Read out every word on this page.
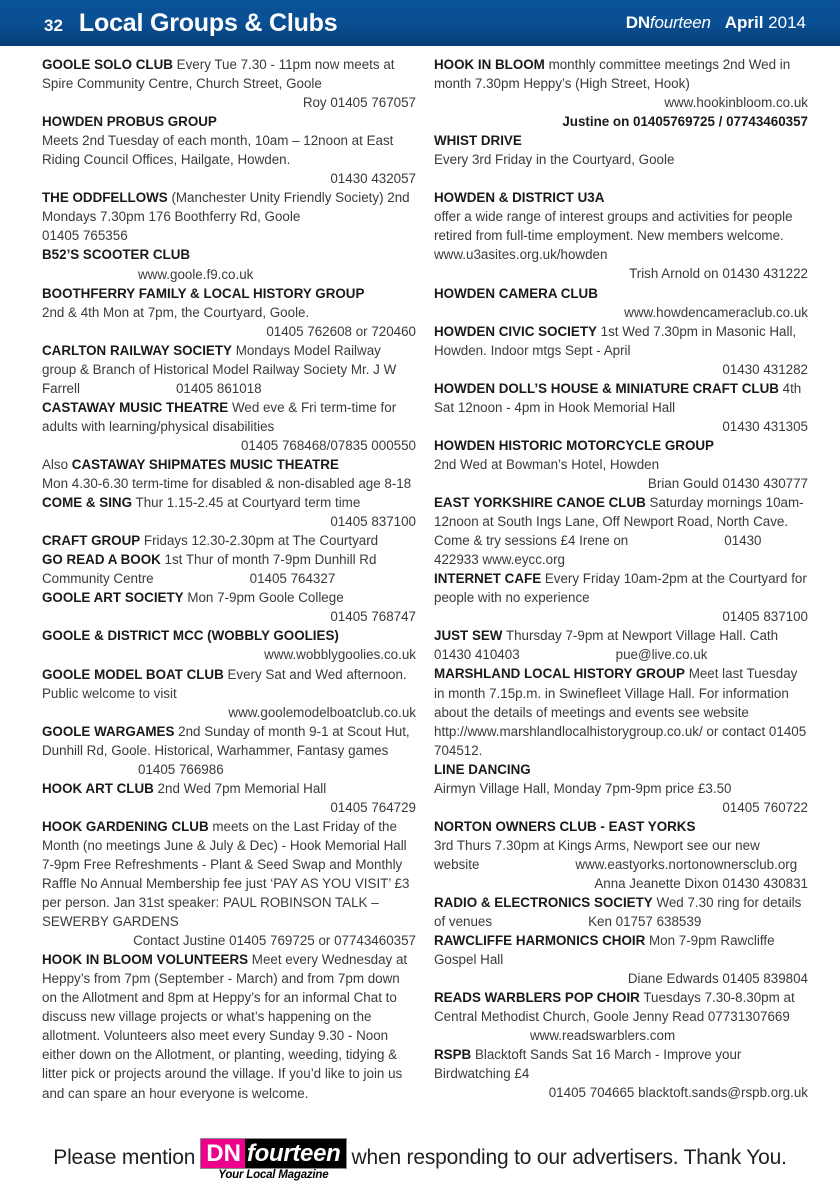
32 Local Groups & Clubs	DNfourteen April 2014

GOOLE SOLO CLUB Every Tue 7.30 - 11pm now meets at Spire Community Centre, Church Street, Goole
Roy 01405 767057

HOWDEN PROBUS GROUP
Meets 2nd Tuesday of each month, 10am – 12noon at East Riding Council Offices, Hailgate, Howden.
01430 432057

THE ODDFELLOWS (Manchester Unity Friendly Society) 2nd Mondays 7.30pm 176 Boothferry Rd, Goole01405 765356

B52’S SCOOTER CLUB
www.goole.f9.co.uk

BOOTHFERRY FAMILY & LOCAL HISTORY GROUP
2nd & 4th Mon at 7pm, the Courtyard, Goole.
01405 762608 or 720460

CARLTON RAILWAY SOCIETY Mondays Model Railway group & Branch of Historical Model Railway Society Mr. J W Farrell	01405 861018

CASTAWAY MUSIC THEATRE Wed eve & Fri term-time for adults with learning/physical disabilities
01405 768468/07835 000550

Also CASTAWAY SHIPMATES MUSIC THEATRE
Mon 4.30-6.30 term-time for disabled & non-disabled age 8-18

COME & SING Thur 1.15-2.45 at Courtyard term time
01405 837100

CRAFT GROUP Fridays 12.30-2.30pm at The Courtyard

GO READ A BOOK 1st Thur of month 7-9pm Dunhill Rd Community Centre	01405 764327

GOOLE ART SOCIETY Mon 7-9pm Goole College
01405 768747

GOOLE & DISTRICT MCC (WOBBLY GOOLIES)
www.wobblygoolies.co.uk

GOOLE MODEL BOAT CLUB Every Sat and Wed afternoon. Public welcome to visit
www.goolemodelboatclub.co.uk

GOOLE WARGAMES 2nd Sunday of month 9-1 at Scout Hut, Dunhill Rd, Goole. Historical, Warhammer, Fantasy games01405 766986

HOOK ART CLUB 2nd Wed 7pm Memorial Hall
01405 764729

HOOK GARDENING CLUB meets on the Last Friday of the Month (no meetings June & July & Dec) - Hook Memorial Hall 7-9pm Free Refreshments - Plant & Seed Swap and Monthly Raffle No Annual Membership fee just ‘PAY AS YOU VISIT’ £3 per person. Jan 31st speaker: PAUL ROBINSON TALK – SEWERBY GARDENS
Contact Justine 01405 769725 or 07743460357

HOOK IN BLOOM VOLUNTEERS Meet every Wednesday at Heppy’s from 7pm (September - March) and from 7pm down on the Allotment and 8pm at Heppy’s for an informal Chat to discuss new village projects or what’s happening on the allotment. Volunteers also meet every Sunday 9.30 - Noon either down on the Allotment, or planting, weeding, tidying & litter pick or projects around the village. If you’d like to join us and can spare an hour everyone is welcome.

HOOK IN BLOOM monthly committee meetings 2nd Wed in month 7.30pm Heppy’s (High Street, Hook)
www.hookinbloom.co.uk
Justine on 01405769725 / 07743460357

WHIST DRIVE
Every 3rd Friday in the Courtyard, Goole

HOWDEN & DISTRICT U3A
offer a wide range of interest groups and activities for people retired from full-time employment. New members welcome. www.u3asites.org.uk/howden
Trish Arnold on 01430 431222

HOWDEN CAMERA CLUB
www.howdencameraclub.co.uk

HOWDEN CIVIC SOCIETY 1st Wed 7.30pm in Masonic Hall, Howden. Indoor mtgs Sept - April
01430 431282

HOWDEN DOLL’S HOUSE & MINIATURE CRAFT CLUB 4th Sat 12noon - 4pm in Hook Memorial Hall
01430 431305

HOWDEN HISTORIC MOTORCYCLE GROUP
2nd Wed at Bowman’s Hotel, Howden
Brian Gould 01430 430777

EAST YORKSHIRE CANOE CLUB Saturday mornings 10am-12noon at South Ings Lane, Off Newport Road, North Cave. Come & try sessions £4 Irene on	01430 422933 www.eycc.org

INTERNET CAFE Every Friday 10am-2pm at the Courtyard for people with no experience
01405 837100

JUST SEW Thursday 7-9pm at Newport Village Hall. Cath 01430 410403	pue@live.co.uk

MARSHLAND LOCAL HISTORY GROUP Meet last Tuesday in month 7.15p.m. in Swinefleet Village Hall. For information about the details of meetings and events see website http://www.marshlandlocalhistorygroup.co.uk/ or contact 01405 704512.

LINE DANCING
Airmyn Village Hall, Monday 7pm-9pm price £3.50
01405 760722

NORTON OWNERS CLUB - EAST YORKS
3rd Thurs 7.30pm at Kings Arms, Newport see our new website	www.eastyorks.nortonownersclub.org
Anna Jeanette Dixon 01430 430831

RADIO & ELECTRONICS SOCIETY Wed 7.30 ring for details of venues	Ken 01757 638539

RAWCLIFFE HARMONICS CHOIR Mon 7-9pm Rawcliffe Gospel Hall
Diane Edwards 01405 839804

READS WARBLERS POP CHOIR Tuesdays 7.30-8.30pm at Central Methodist Church, Goole Jenny Read 07731307669www.readswarblers.com

RSPB Blacktoft Sands Sat 16 March - Improve your Birdwatching £4
01405 704665 blacktoft.sands@rspb.org.uk

Please mention DN fourteen
Your Local Magazine
when responding to our advertisers. Thank You.
